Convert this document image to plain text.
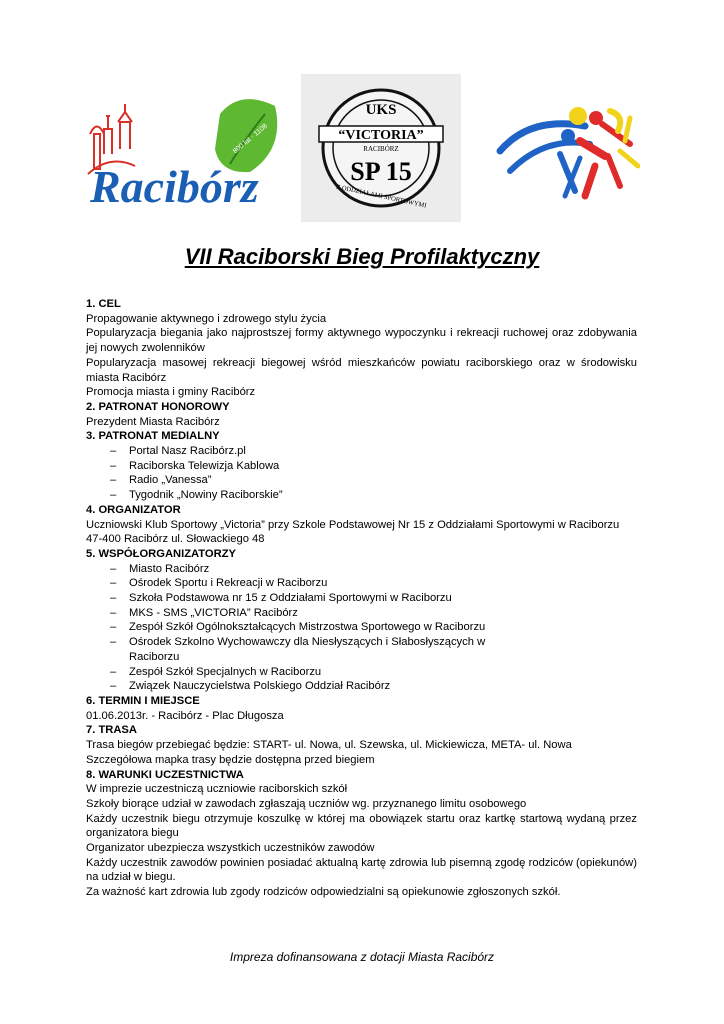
800 lat · 1108
Racibórz
UKS
“VICTORIA”
RACIBÓRZ
SP 15
Z ODDZIAŁAMI SPORTOWYMI
VII Raciborski Bieg Profilaktyczny

1. CEL

Propagowanie aktywnego i zdrowego stylu życia

Popularyzacja biegania jako najprostszej formy aktywnego wypoczynku i rekreacji ruchowej oraz zdobywania jej nowych zwolenników

Popularyzacja masowej rekreacji biegowej wśród mieszkańców powiatu raciborskiego oraz w środowisku miasta Racibórz

Promocja miasta i gminy Racibórz

2. PATRONAT HONOROWY

Prezydent Miasta Racibórz

3. PATRONAT MEDIALNY

– Portal Nasz Racibórz.pl
– Raciborska Telewizja Kablowa
– Radio „Vanessa”
– Tygodnik „Nowiny Raciborskie”

4. ORGANIZATOR

Uczniowski Klub Sportowy „Victoria” przy Szkole Podstawowej Nr 15 z Oddziałami Sportowymi w Raciborzu

47-400 Racibórz ul. Słowackiego 48

5. WSPÓŁORGANIZATORZY

– Miasto Racibórz
– Ośrodek Sportu i Rekreacji w Raciborzu
– Szkoła Podstawowa nr 15 z Oddziałami Sportowymi w Raciborzu
– MKS - SMS „VICTORIA” Racibórz
– Zespół Szkół Ogólnokształcących Mistrzostwa Sportowego w Raciborzu
– Ośrodek Szkolno Wychowawczy dla Niesłyszących i Słabosłyszących w Raciborzu
– Zespół Szkół Specjalnych w Raciborzu
– Związek Nauczycielstwa Polskiego Oddział Racibórz

6. TERMIN I MIEJSCE

01.06.2013r. - Racibórz - Plac Długosza

7. TRASA

Trasa biegów przebiegać będzie: START- ul. Nowa, ul. Szewska, ul. Mickiewicza, META- ul. Nowa

Szczegółowa mapka trasy będzie dostępna przed biegiem

8. WARUNKI UCZESTNICTWA

W imprezie uczestniczą uczniowie raciborskich szkół

Szkoły biorące udział w zawodach zgłaszają uczniów wg. przyznanego limitu osobowego

Każdy uczestnik biegu otrzymuje koszulkę w której ma obowiązek startu oraz kartkę startową wydaną przez organizatora biegu

Organizator ubezpiecza wszystkich uczestników zawodów

Każdy uczestnik zawodów powinien posiadać aktualną kartę zdrowia lub pisemną zgodę rodziców (opiekunów) na udział w biegu.

Za ważność kart zdrowia lub zgody rodziców odpowiedzialni są opiekunowie zgłoszonych szkół.

Impreza dofinansowana z dotacji Miasta Racibórz
